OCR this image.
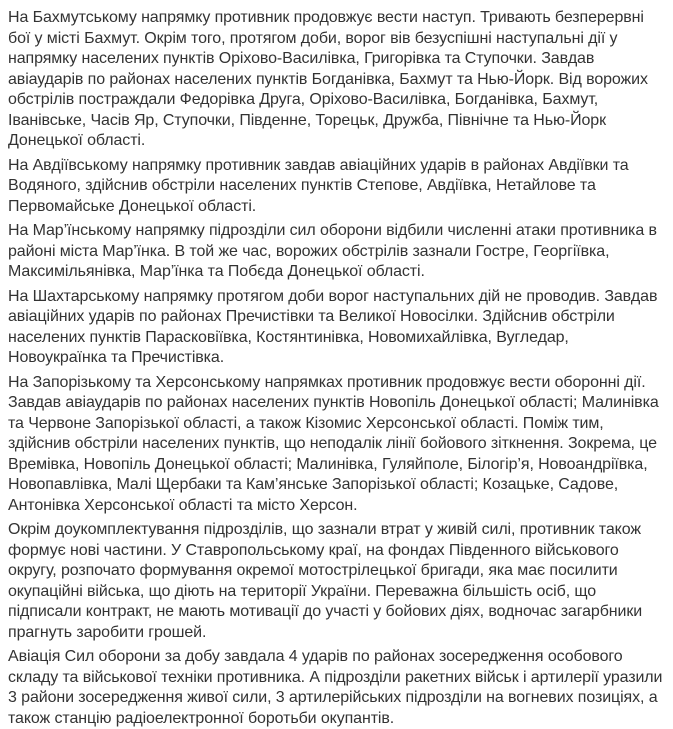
На Бахмутському напрямку противник продовжує вести наступ. Тривають безперервні бої у місті Бахмут. Окрім того, протягом доби, ворог вів безуспішні наступальні дії у напрямку населених пунктів Оріхово-Василівка, Григорівка та Ступочки. Завдав авіаударів по районах населених пунктів Богданівка, Бахмут та Нью-Йорк. Від ворожих обстрілів постраждали Федорівка Друга, Оріхово-Василівка, Богданівка, Бахмут, Іванівське, Часів Яр, Ступочки, Південне, Торецьк, Дружба, Північне та Нью-Йорк Донецької області.

На Авдіївському напрямку противник завдав авіаційних ударів в районах Авдіївки та Водяного, здійснив обстріли населених пунктів Степове, Авдіївка, Нетайлове та Первомайське Донецької області.

На Мар’їнському напрямку підрозділи сил оборони відбили численні атаки противника в районі міста Мар’їнка. В той же час, ворожих обстрілів зазнали Гостре, Георгіївка, Максимільянівка, Мар’їнка та Побєда Донецької області.

На Шахтарському напрямку протягом доби ворог наступальних дій не проводив. Завдав авіаційних ударів по районах Пречистівки та Великої Новосілки. Здійснив обстріли населених пунктів Парасковіївка, Костянтинівка, Новомихайлівка, Вугледар, Новоукраїнка та Пречистівка.

На Запорізькому та Херсонському напрямках противник продовжує вести оборонні дії. Завдав авіаударів по районах населених пунктів Новопіль Донецької області; Малинівка та Червоне Запорізької області, а також Кізомис Херсонської області. Поміж тим, здійснив обстріли населених пунктів, що неподалік лінії бойового зіткнення. Зокрема, це Времівка, Новопіль Донецької області; Малинівка, Гуляйполе, Білогір’я, Новоандріївка, Новопавлівка, Малі Щербаки та Кам’янське Запорізької області; Козацьке, Садове, Антонівка Херсонської області та місто Херсон.

Окрім доукомплектування підрозділів, що зазнали втрат у живій силі, противник також формує нові частини. У Ставропольському краї, на фондах Південного військового округу, розпочато формування окремої мотострілецької бригади, яка має посилити окупаційні війська, що діють на території України. Переважна більшість осіб, що підписали контракт, не мають мотивації до участі у бойових діях, водночас загарбники прагнуть заробити грошей.

Авіація Сил оборони за добу завдала 4 ударів по районах зосередження особового складу та військової техніки противника. А підрозділи ракетних військ і артилерії уразили 3 райони зосередження живої сили, 3 артилерійських підрозділи на вогневих позиціях, а також станцію радіоелектронної боротьби окупантів.
